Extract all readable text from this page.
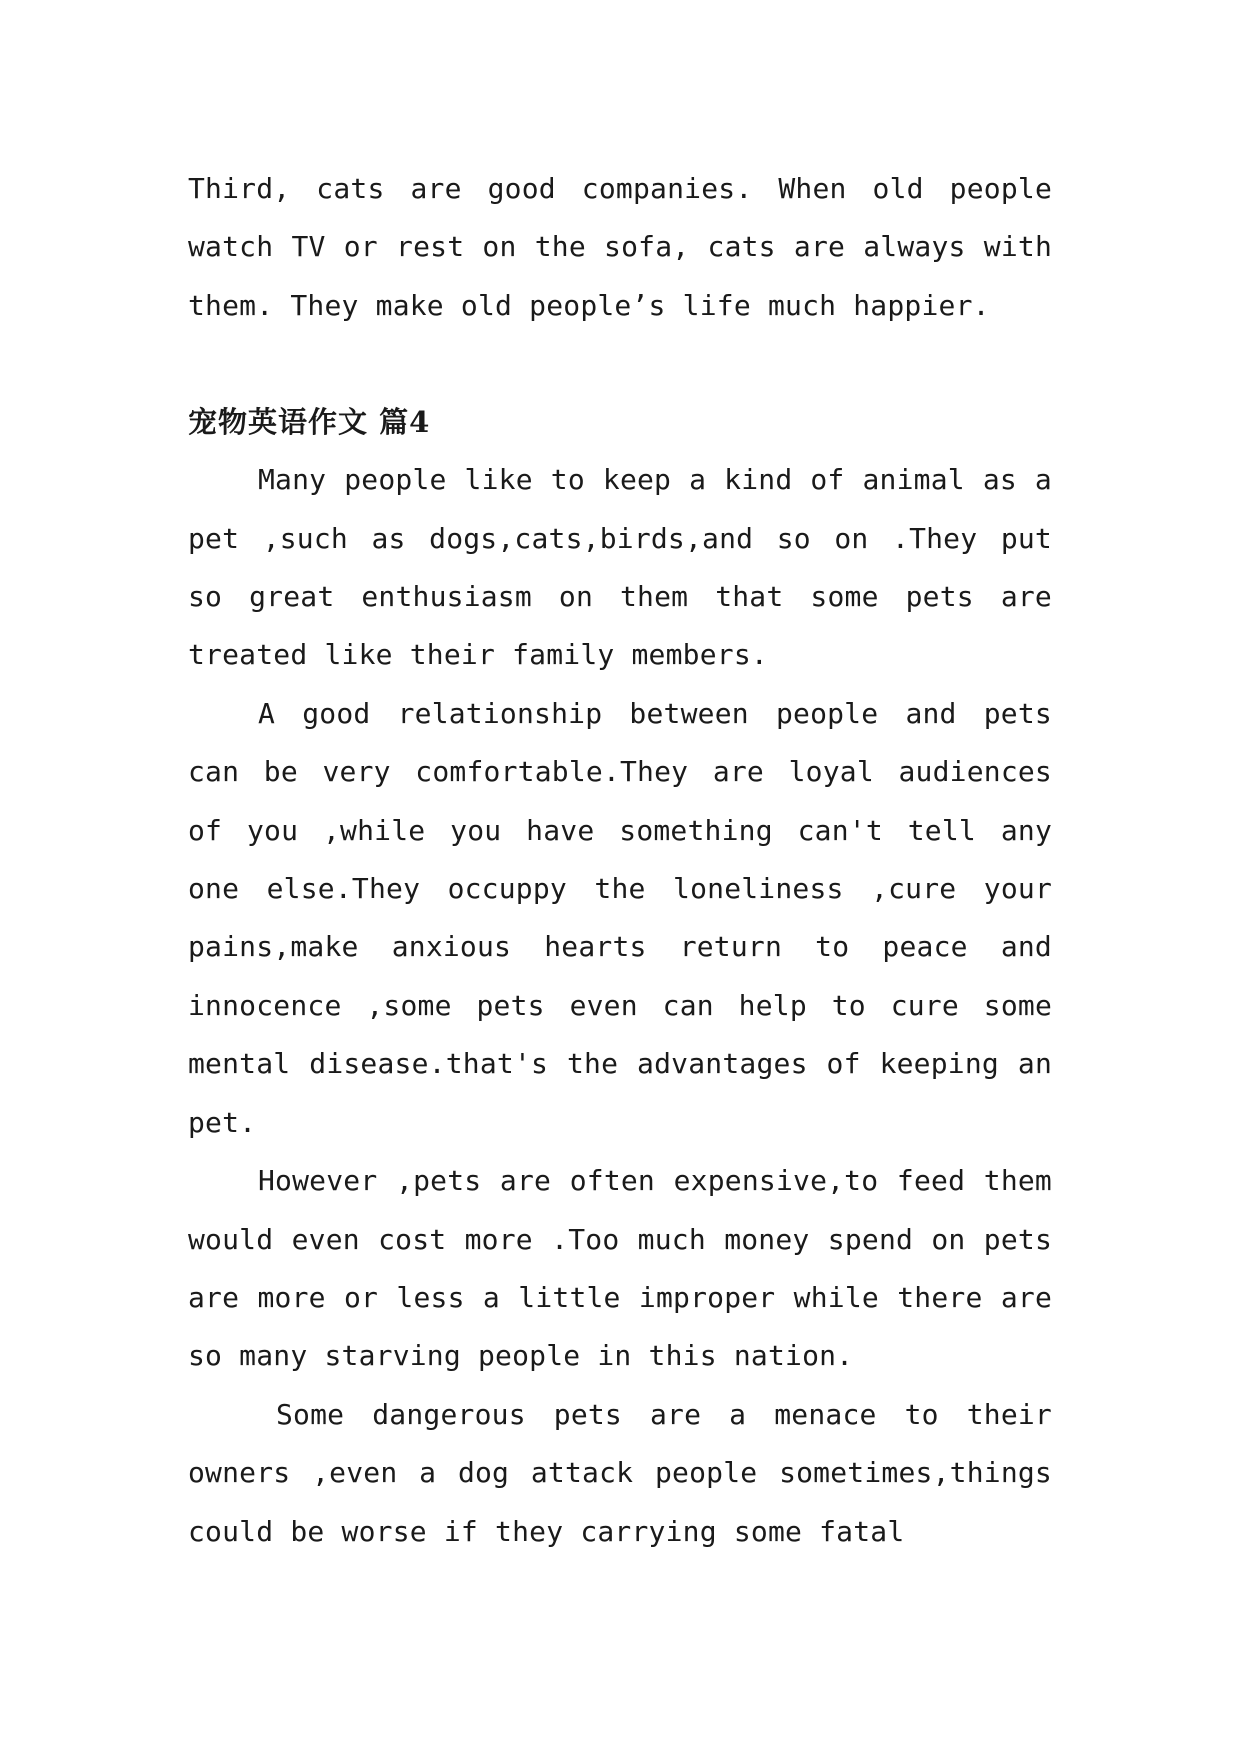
Third, cats are good companies. When old people watch TV or rest on the sofa, cats are always with them. They make old people’s life much happier.

宠物英语作文 篇4

Many people like to keep a kind of animal as a pet ,such as dogs,cats,birds,and so on .They put so great enthusiasm on them that some pets are treated like their family members.

A good relationship between people and pets can be very comfortable.They are loyal audiences of you ,while you have something can't tell any one else.They occuppy the loneliness ,cure your pains,make anxious hearts return to peace and innocence ,some pets even can help to cure some mental disease.that's the advantages of keeping an pet.

However ,pets are often expensive,to feed them would even cost more .Too much money spend on pets are more or less a little improper while there are so many starving people in this nation.

Some dangerous pets are a menace to their owners ,even a dog attack people sometimes,things could be worse if they carrying some fatal
